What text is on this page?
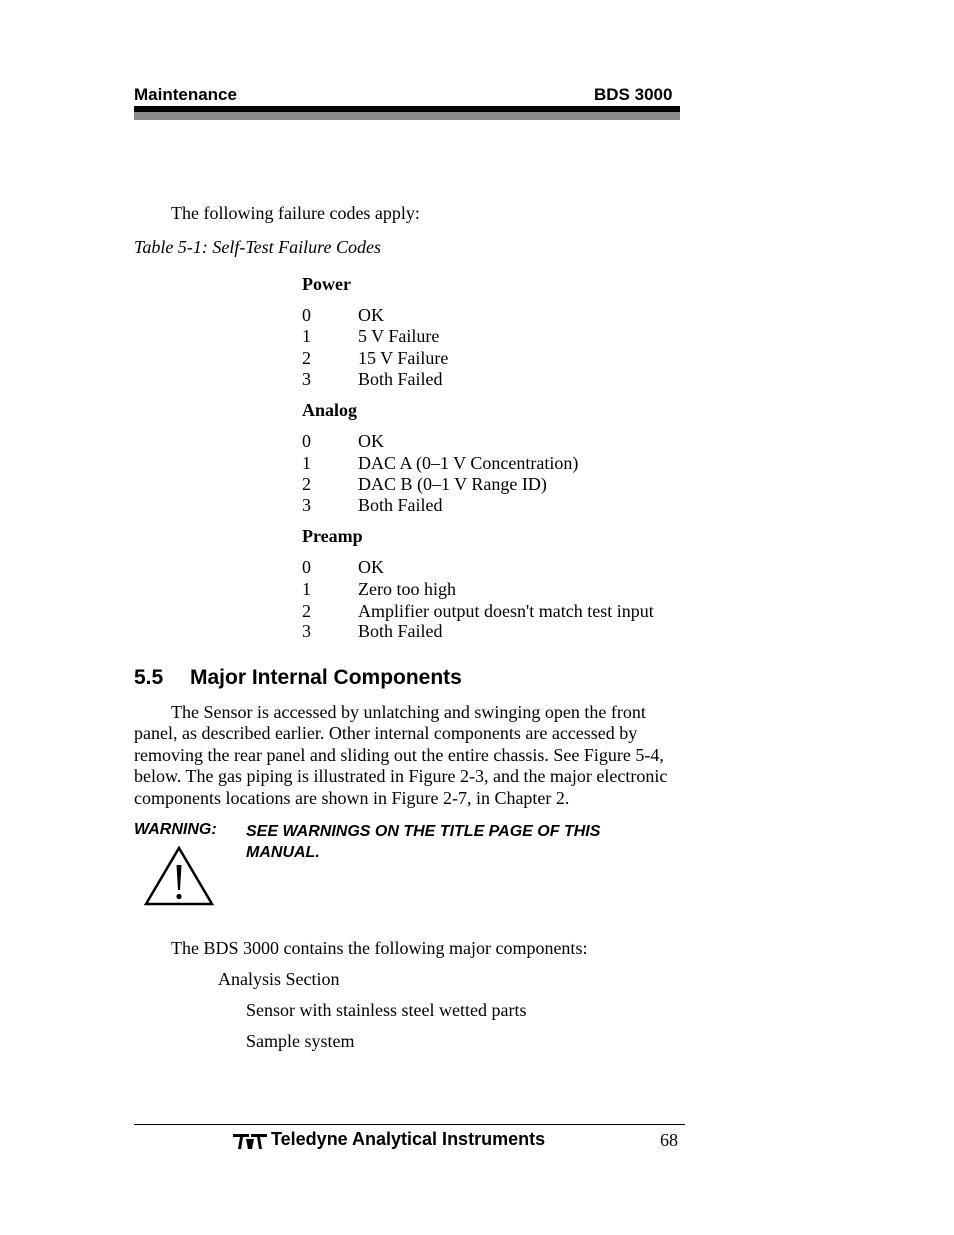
Maintenance	BDS 3000
The following failure codes apply:
Table 5-1: Self-Test Failure Codes
Power
0	OK
1	5 V Failure
2	15 V Failure
3	Both Failed
Analog
0	OK
1	DAC A (0–1 V Concentration)
2	DAC B (0–1 V Range ID)
3	Both Failed
Preamp
0	OK
1	Zero too high
2	Amplifier output doesn't match test input
3	Both Failed
5.5 Major Internal Components
The Sensor is accessed by unlatching and swinging open the front
panel, as described earlier. Other internal components are accessed by
removing the rear panel and sliding out the entire chassis. See Figure 5-4,
below. The gas piping is illustrated in Figure 2-3, and the major electronic
components locations are shown in Figure 2-7, in Chapter 2.
WARNING: SEE WARNINGS ON THE TITLE PAGE OF THIS MANUAL.
The BDS 3000 contains the following major components:
Analysis Section
Sensor with stainless steel wetted parts
Sample system
Teledyne Analytical Instruments	68
